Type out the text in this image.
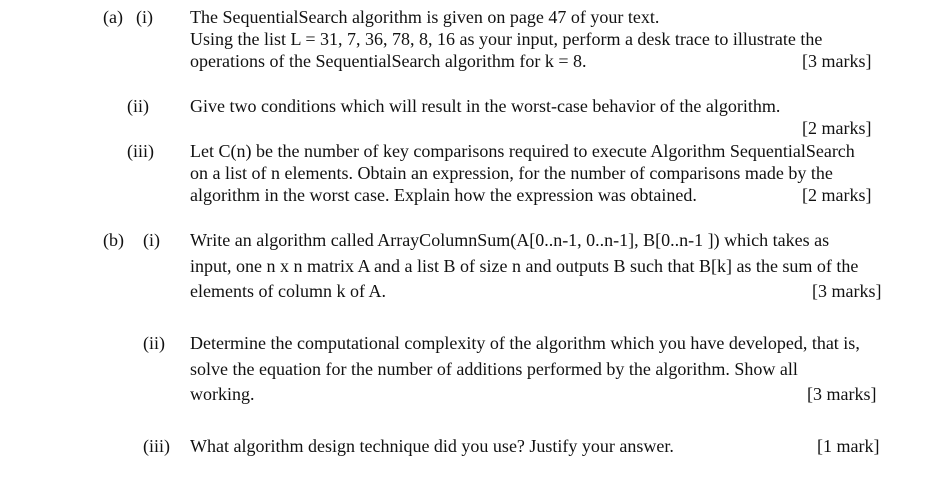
(a) (i) The SequentialSearch algorithm is given on page 47 of your text.
Using the list L = 31, 7, 36, 78, 8, 16 as your input, perform a desk trace to illustrate the
operations of the SequentialSearch algorithm for k = 8.	[3 marks]
(ii) Give two conditions which will result in the worst-case behavior of the algorithm.
[2 marks]
(iii) Let C(n) be the number of key comparisons required to execute Algorithm SequentialSearch
on a list of n elements. Obtain an expression, for the number of comparisons made by the
algorithm in the worst case. Explain how the expression was obtained.	[2 marks]
(b) (i) Write an algorithm called ArrayColumnSum(A[0..n-1, 0..n-1], B[0..n-1 ]) which takes as
input, one n x n matrix A and a list B of size n and outputs B such that B[k] as the sum of the
elements of column k of A.	[3 marks]
(ii) Determine the computational complexity of the algorithm which you have developed, that is,
solve the equation for the number of additions performed by the algorithm. Show all
working.	[3 marks]
(iii) What algorithm design technique did you use? Justify your answer.	[1 mark]
